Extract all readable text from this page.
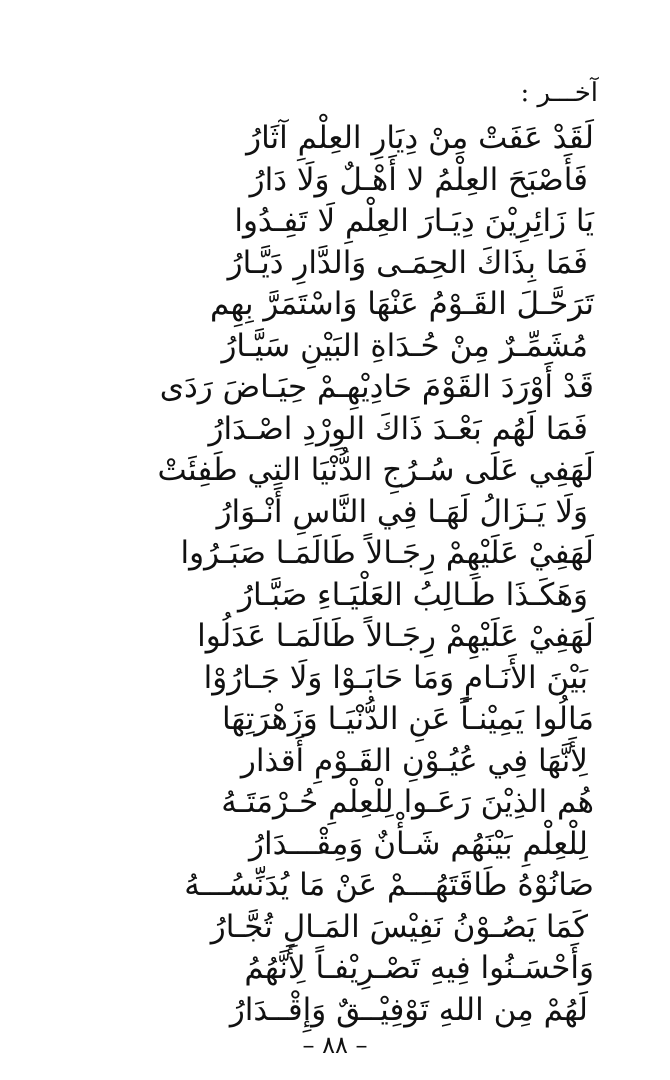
آخـــر :
لَقَدْ عَفَتْ مِنْ دِيَارِ العِلْمِ آثَارُ
فَأَصْبَحَ العِلْمُ لا أَهْـلٌ وَلَا دَارُ
يَا زَائِرِيْنَ دِيَـارَ العِلْمِ لَا تَفِـدُوا
فَمَا بِذَاكَ الحِمَـى وَالدَّارِ دَيَّـارُ
تَرَحَّـلَ القَـوْمُ عَنْهَا وَاسْتَمَرَّ بِهِم
مُشَمِّـرٌ مِنْ حُـدَاةِ البَيْنِ سَيَّـارُ
قَدْ أَوْرَدَ القَوْمَ حَادِيْهِـمْ حِيَـاضَ رَدَى
فَمَا لَهُم بَعْـدَ ذَاكَ الوِرْدِ اصْـدَارُ
لَهَفِي عَلَى سُـرُجِ الدُّنْيَا التِي طَفِئَتْ
وَلَا يَـزَالُ لَهَـا فِي النَّاسِ أَنْـوَارُ
لَهَفِيْ عَلَيْهِمْ رِجَـالاً طَالَمَـا صَبَـرُوا
وَهَكَـذَا طَـالِبُ العَلْيَـاءِ صَبَّـارُ
لَهَفِيْ عَلَيْهِمْ رِجَـالاً طَالَمَـا عَدَلُوا
بَيْنَ الأَنَـامِ وَمَا حَابَـوْا وَلَا جَـارُوْا
مَالُوا يَمِيْنـاً عَنِ الدُّنْيَـا وَزَهْرَتِهَا
لِأَنَّهَا فِي عُيُـوْنِ القَـوْمِ أَقذار
هُم الذِيْنَ رَعَـوا لِلْعِلْمِ حُـرْمَتَـهُ
لِلْعِلْمِ بَيْنَهُم شَـأْنٌ وَمِقْـــدَارُ
صَانُوْهُ طَاقَتَهُـــمْ عَنْ مَا يُدَنِّسُـــهُ
كَمَا يَصُـوْنُ نَفِيْسَ المَـالِ تُجَّـارُ
وَأَحْسَـنُوا فِيهِ تَصْـرِيْفـاً لِأَنَّهُمُ
لَهُمْ مِن اللهِ تَوْفِيْــقٌ وَإِقْــدَارُ
– ٨٨ –
